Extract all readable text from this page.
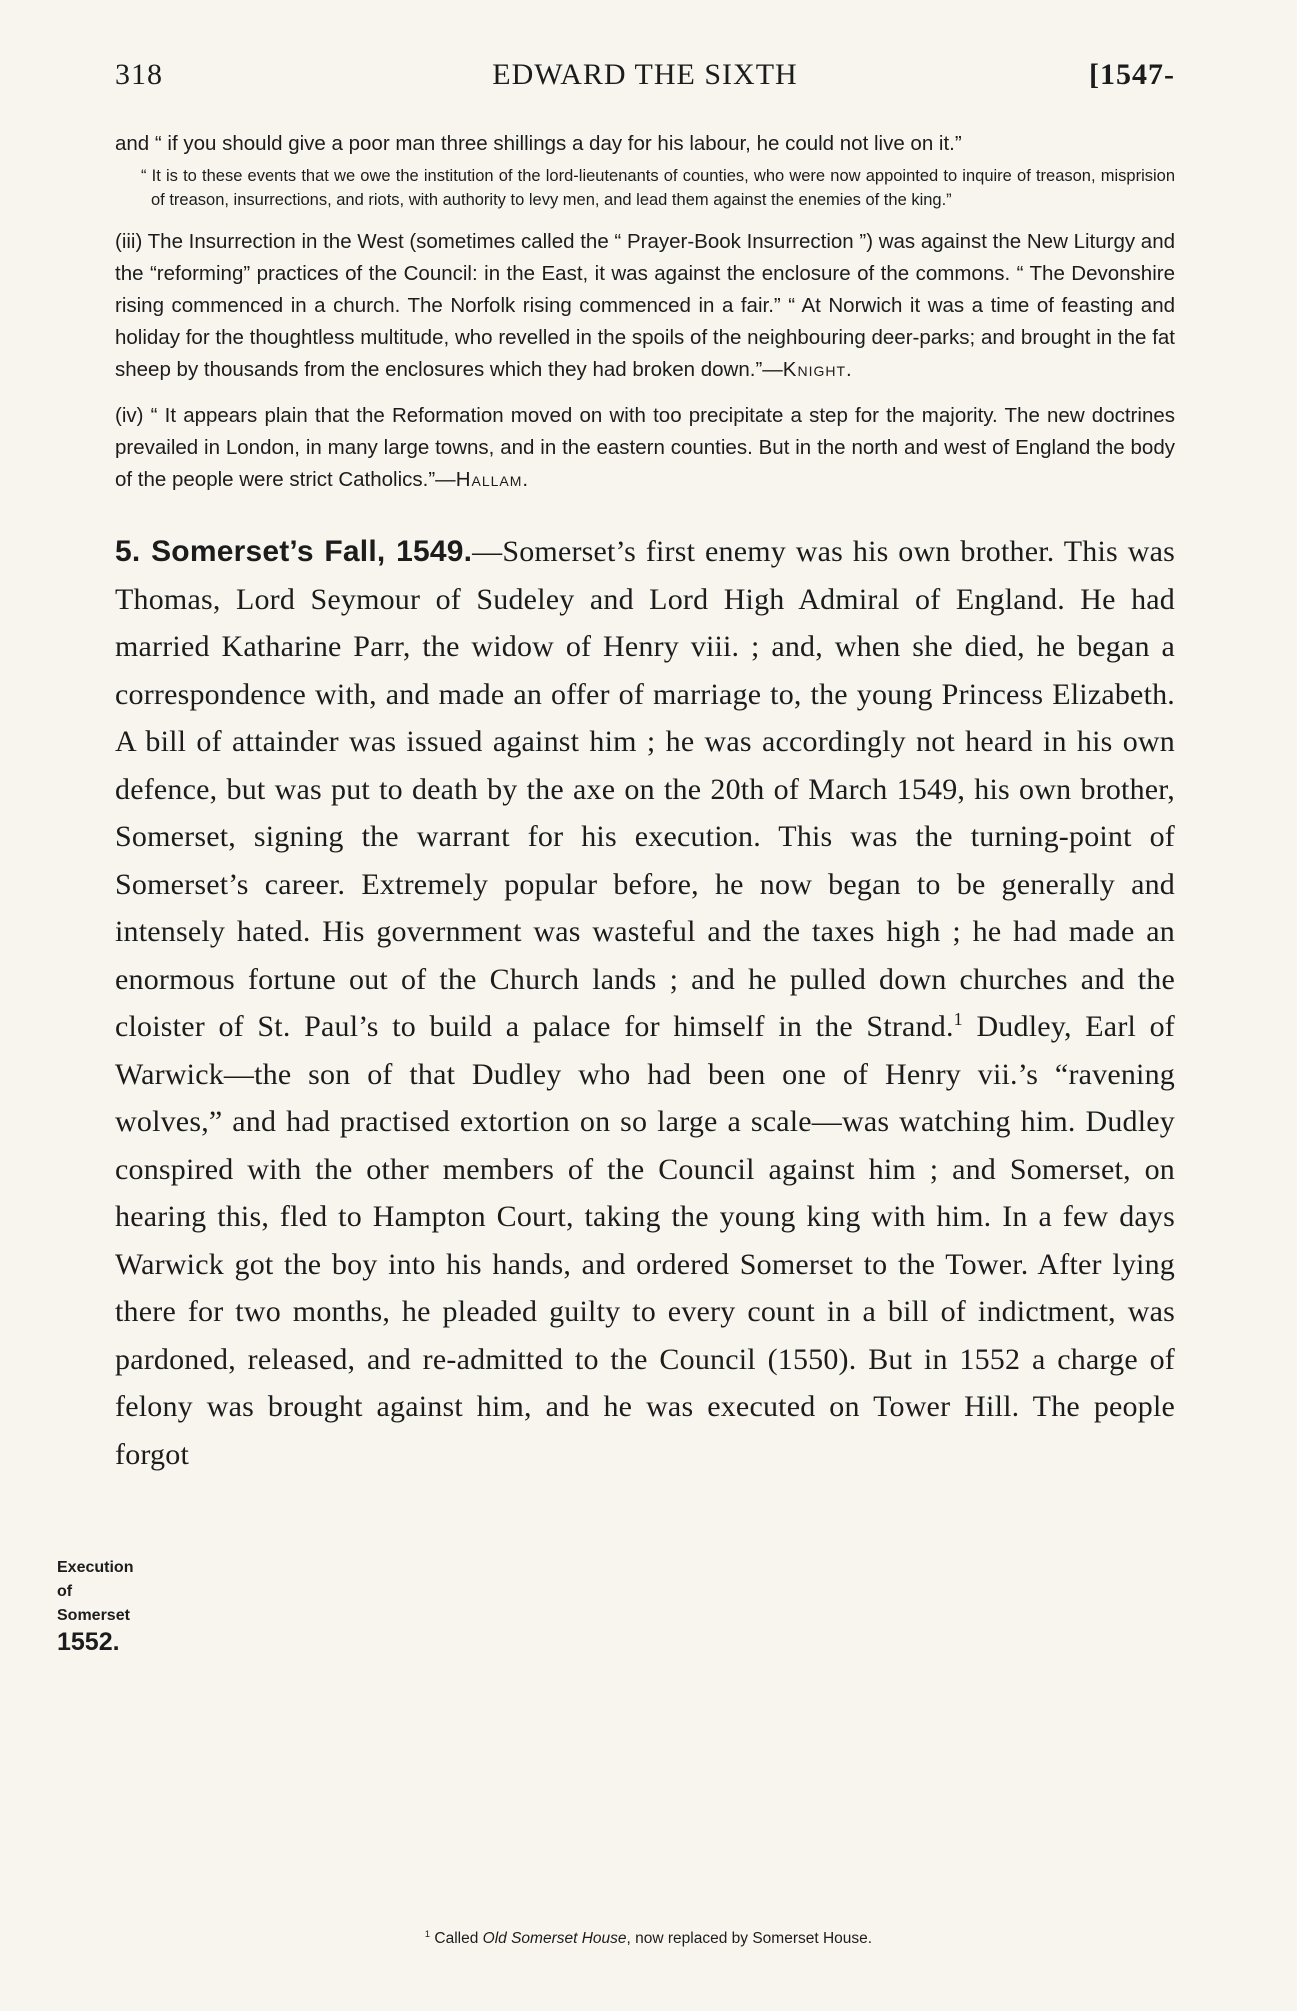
318	EDWARD THE SIXTH	[1547-

and “ if you should give a poor man three shillings a day for his labour, he could not live on it.”

“ It is to these events that we owe the institution of the lord-lieutenants of counties, who were now appointed to inquire of treason, misprision of treason, insurrections, and riots, with authority to levy men, and lead them against the enemies of the king.”

(iii) The Insurrection in the West (sometimes called the “ Prayer-Book Insurrection ”) was against the New Liturgy and the “reforming” practices of the Council: in the East, it was against the enclosure of the commons. “ The Devonshire rising commenced in a church. The Norfolk rising commenced in a fair.” “ At Norwich it was a time of feasting and holiday for the thoughtless multitude, who revelled in the spoils of the neighbouring deer-parks; and brought in the fat sheep by thousands from the enclosures which they had broken down.”—Knight.

(iv) “ It appears plain that the Reformation moved on with too precipitate a step for the majority. The new doctrines prevailed in London, in many large towns, and in the eastern counties. But in the north and west of England the body of the people were strict Catholics.”—Hallam.

Execution
of Somerset
1552.

5. Somerset’s Fall, 1549.—Somerset’s first enemy was his own brother. This was Thomas, Lord Seymour of Sudeley and Lord High Admiral of England. He had married Katharine Parr, the widow of Henry viii. ; and, when she died, he began a correspondence with, and made an offer of marriage to, the young Princess Elizabeth. A bill of attainder was issued against him ; he was accordingly not heard in his own defence, but was put to death by the axe on the 20th of March 1549, his own brother, Somerset, signing the warrant for his execution. This was the turning-point of Somerset’s career. Extremely popular before, he now began to be generally and intensely hated. His government was wasteful and the taxes high ; he had made an enormous fortune out of the Church lands ; and he pulled down churches and the cloister of St. Paul’s to build a palace for himself in the Strand.$^1$ Dudley, Earl of Warwick—the son of that Dudley who had been one of Henry vii.’s “ravening wolves,” and had practised extortion on so large a scale—was watching him. Dudley conspired with the other members of the Council against him ; and Somerset, on hearing this, fled to Hampton Court, taking the young king with him. In a few days Warwick got the boy into his hands, and ordered Somerset to the Tower. After lying there for two months, he pleaded guilty to every count in a bill of indictment, was pardoned, released, and re-admitted to the Council (1550). But in 1552 a charge of felony was brought against him, and he was executed on Tower Hill. The people forgot

$^1$ Called Old Somerset House, now replaced by Somerset House.
